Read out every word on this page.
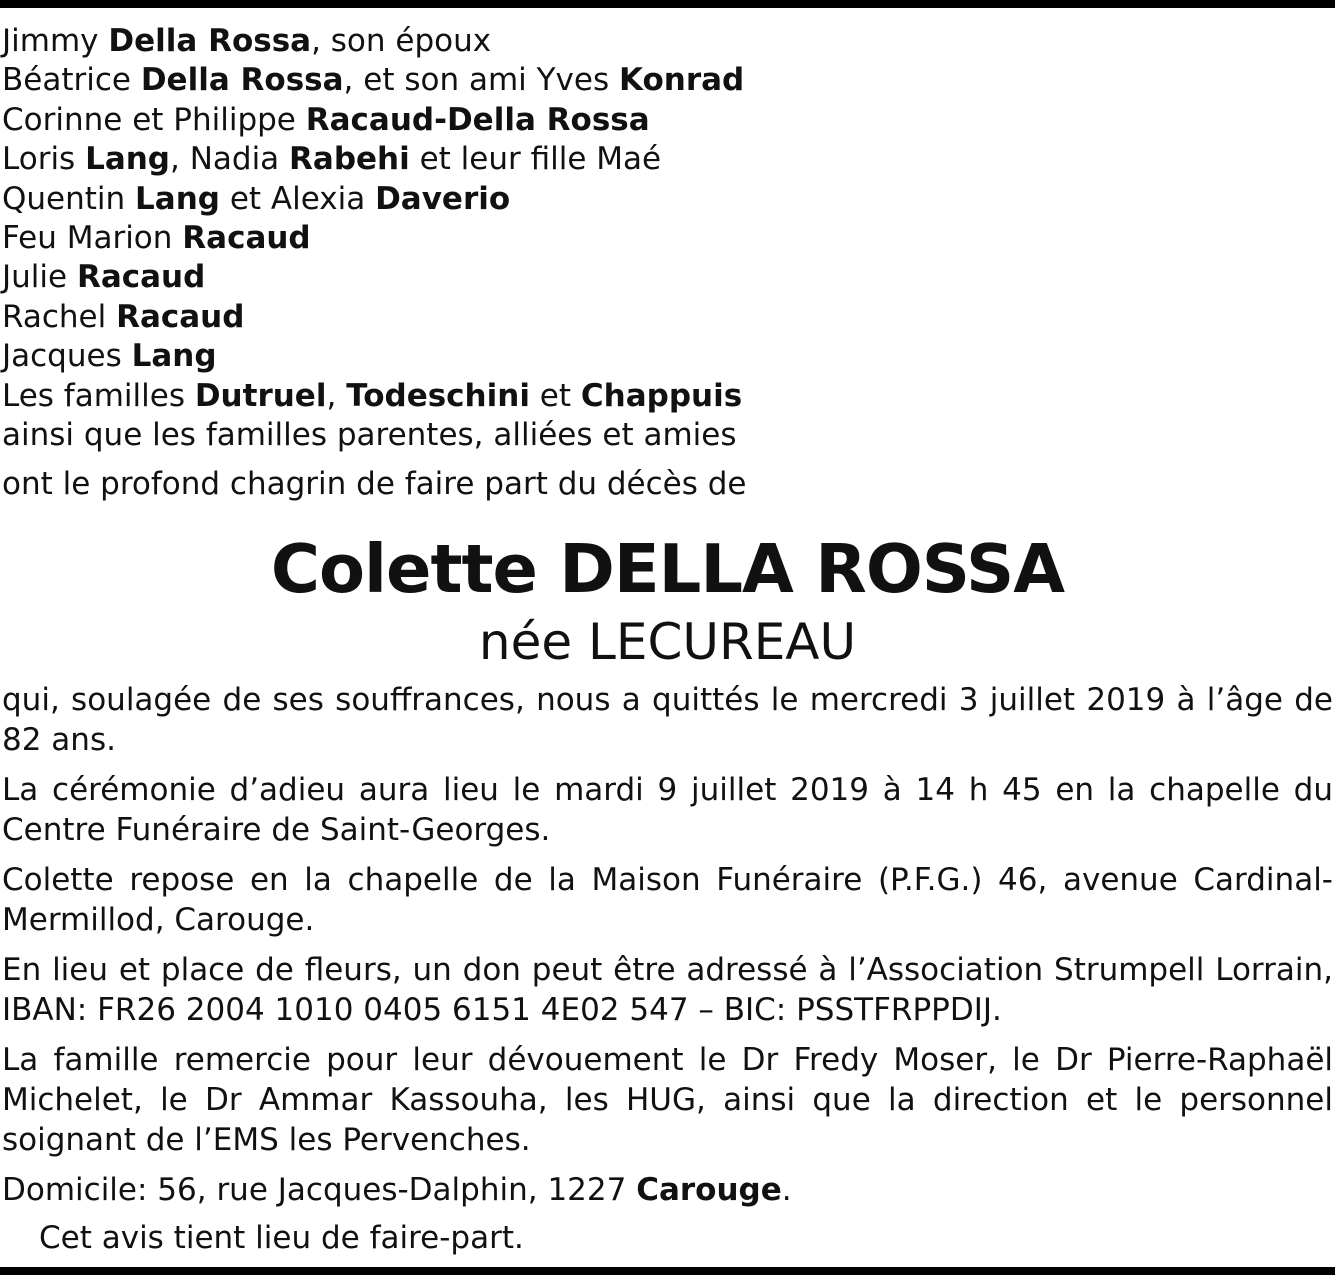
Jimmy Della Rossa, son époux
Béatrice Della Rossa, et son ami Yves Konrad
Corinne et Philippe Racaud-Della Rossa
Loris Lang, Nadia Rabehi et leur fille Maé
Quentin Lang et Alexia Daverio
Feu Marion Racaud
Julie Racaud
Rachel Racaud
Jacques Lang
Les familles Dutruel, Todeschini et Chappuis
ainsi que les familles parentes, alliées et amies
ont le profond chagrin de faire part du décès de
Colette DELLA ROSSA
née LECUREAU
qui, soulagée de ses souffrances, nous a quittés le mercredi 3 juillet 2019 à l’âge de 82 ans.
La cérémonie d’adieu aura lieu le mardi 9 juillet 2019 à 14 h 45 en la chapelle du Centre Funéraire de Saint-Georges.
Colette repose en la chapelle de la Maison Funéraire (P.F.G.) 46, avenue Cardinal-Mermillod, Carouge.
En lieu et place de fleurs, un don peut être adressé à l’Association Strumpell Lorrain,
IBAN: FR26 2004 1010 0405 6151 4E02 547 – BIC: PSSTFRPPDIJ.
La famille remercie pour leur dévouement le Dr Fredy Moser, le Dr Pierre-Raphaël Michelet, le Dr Ammar Kassouha, les HUG, ainsi que la direction et le personnel soignant de l’EMS les Pervenches.
Domicile: 56, rue Jacques-Dalphin, 1227 Carouge.
Cet avis tient lieu de faire-part.
